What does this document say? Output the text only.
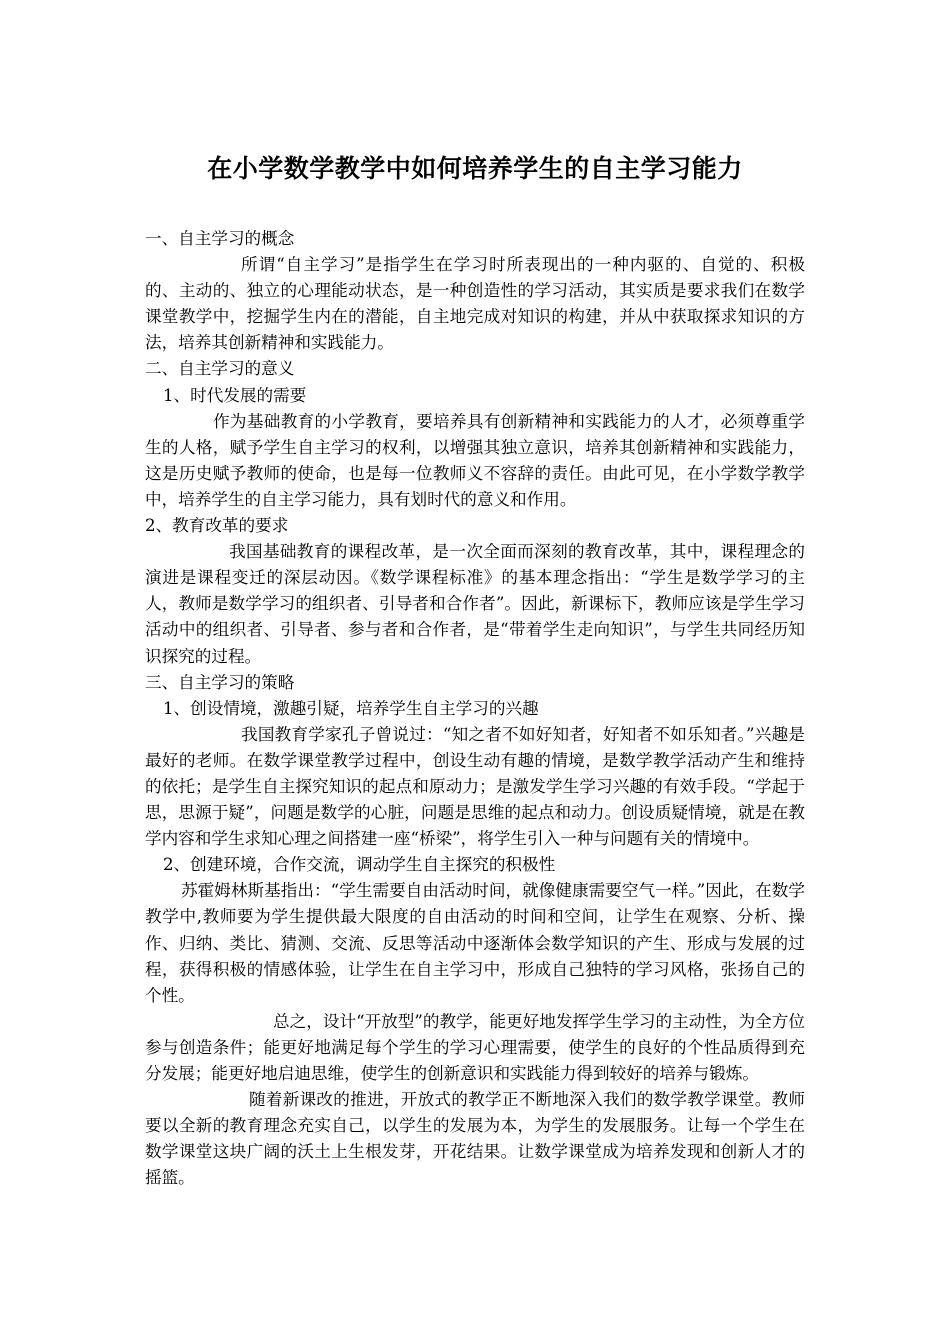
在小学数学教学中如何培养学生的自主学习能力

一、自主学习的概念

所谓“自主学习”是指学生在学习时所表现出的一种内驱的、自觉的、积极的、主动的、独立的心理能动状态，是一种创造性的学习活动，其实质是要求我们在数学课堂教学中，挖掘学生内在的潜能，自主地完成对知识的构建，并从中获取探求知识的方法，培养其创新精神和实践能力。

二、自主学习的意义

1、时代发展的需要

作为基础教育的小学教育，要培养具有创新精神和实践能力的人才，必须尊重学生的人格，赋予学生自主学习的权利，以增强其独立意识，培养其创新精神和实践能力，这是历史赋予教师的使命，也是每一位教师义不容辞的责任。由此可见，在小学数学教学中，培养学生的自主学习能力，具有划时代的意义和作用。

2、教育改革的要求

我国基础教育的课程改革，是一次全面而深刻的教育改革，其中，课程理念的演进是课程变迁的深层动因。《数学课程标准》的基本理念指出：“学生是数学学习的主人，教师是数学学习的组织者、引导者和合作者”。因此，新课标下，教师应该是学生学习活动中的组织者、引导者、参与者和合作者，是“带着学生走向知识”，与学生共同经历知识探究的过程。

三、自主学习的策略

1、创设情境，激趣引疑，培养学生自主学习的兴趣

我国教育学家孔子曾说过：“知之者不如好知者，好知者不如乐知者。”兴趣是最好的老师。在数学课堂教学过程中，创设生动有趣的情境，是数学教学活动产生和维持的依托；是学生自主探究知识的起点和原动力；是激发学生学习兴趣的有效手段。“学起于思，思源于疑”，问题是数学的心脏，问题是思维的起点和动力。创设质疑情境，就是在教学内容和学生求知心理之间搭建一座“桥梁”，将学生引入一种与问题有关的情境中。

2、创建环境，合作交流，调动学生自主探究的积极性

苏霍姆林斯基指出：“学生需要自由活动时间，就像健康需要空气一样。”因此，在数学教学中,教师要为学生提供最大限度的自由活动的时间和空间，让学生在观察、分析、操作、归纳、类比、猜测、交流、反思等活动中逐渐体会数学知识的产生、形成与发展的过程，获得积极的情感体验，让学生在自主学习中，形成自己独特的学习风格，张扬自己的个性。

总之，设计“开放型”的教学，能更好地发挥学生学习的主动性，为全方位参与创造条件；能更好地满足每个学生的学习心理需要，使学生的良好的个性品质得到充分发展；能更好地启迪思维，使学生的创新意识和实践能力得到较好的培养与锻炼。

随着新课改的推进，开放式的教学正不断地深入我们的数学教学课堂。教师要以全新的教育理念充实自己，以学生的发展为本，为学生的发展服务。让每一个学生在数学课堂这块广阔的沃土上生根发芽，开花结果。让数学课堂成为培养发现和创新人才的摇篮。
